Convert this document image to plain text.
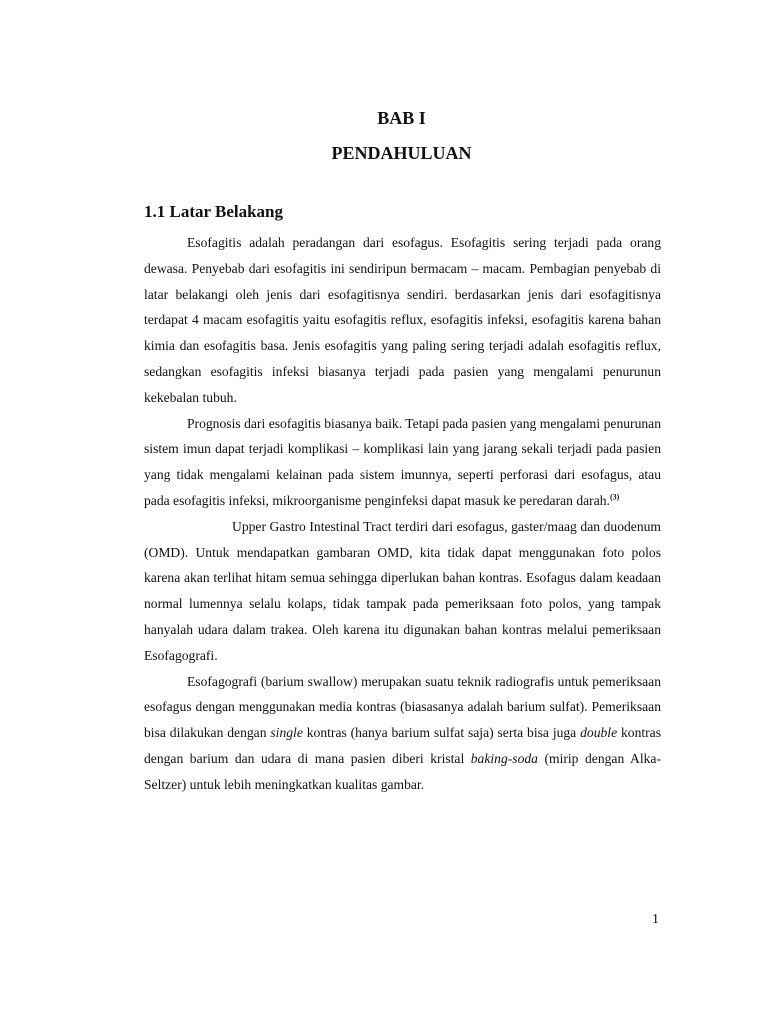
BAB I
PENDAHULUAN
1.1 Latar Belakang

Esofagitis adalah peradangan dari esofagus. Esofagitis sering terjadi pada orang dewasa. Penyebab dari esofagitis ini sendiripun bermacam – macam. Pembagian penyebab di latar belakangi oleh jenis dari esofagitisnya sendiri. berdasarkan jenis dari esofagitisnya terdapat 4 macam esofagitis yaitu esofagitis reflux, esofagitis infeksi, esofagitis karena bahan kimia dan esofagitis basa. Jenis esofagitis yang paling sering terjadi adalah esofagitis reflux, sedangkan esofagitis infeksi biasanya terjadi pada pasien yang mengalami penurunun kekebalan tubuh.

Prognosis dari esofagitis biasanya baik. Tetapi pada pasien yang mengalami penurunan sistem imun dapat terjadi komplikasi – komplikasi lain yang jarang sekali terjadi pada pasien yang tidak mengalami kelainan pada sistem imunnya, seperti perforasi dari esofagus, atau pada esofagitis infeksi, mikroorganisme penginfeksi dapat masuk ke peredaran darah.$^{(3)}$

Upper Gastro Intestinal Tract terdiri dari esofagus, gaster/maag dan duodenum (OMD). Untuk mendapatkan gambaran OMD, kita tidak dapat menggunakan foto polos karena akan terlihat hitam semua sehingga diperlukan bahan kontras. Esofagus dalam keadaan normal lumennya selalu kolaps, tidak tampak pada pemeriksaan foto polos, yang tampak hanyalah udara dalam trakea. Oleh karena itu digunakan bahan kontras melalui pemeriksaan Esofagografi.

Esofagografi (barium swallow) merupakan suatu teknik radiografis untuk pemeriksaan esofagus dengan menggunakan media kontras (biasasanya adalah barium sulfat). Pemeriksaan bisa dilakukan dengan single kontras (hanya barium sulfat saja) serta bisa juga double kontras dengan barium dan udara di mana pasien diberi kristal baking-soda (mirip dengan Alka-Seltzer) untuk lebih meningkatkan kualitas gambar.

1
